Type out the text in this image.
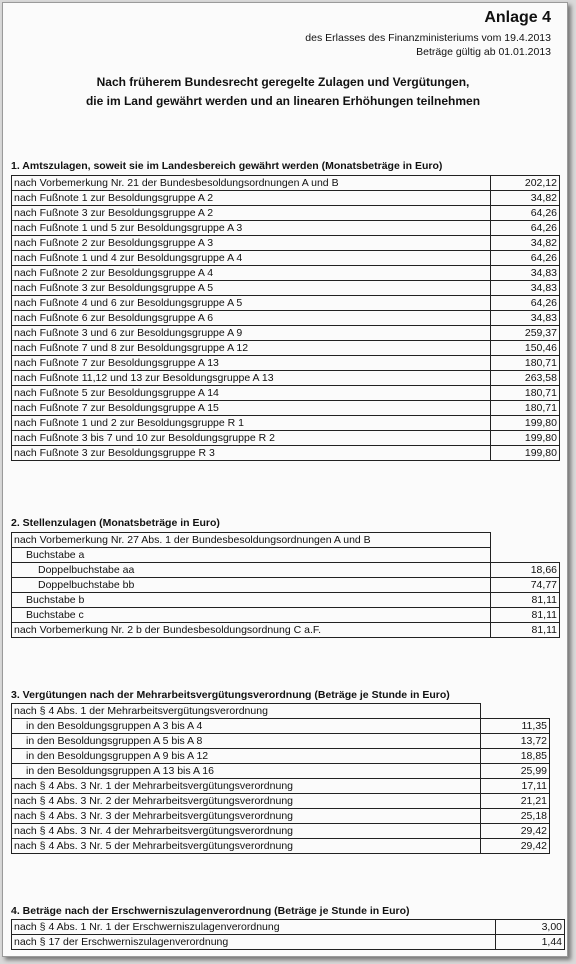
Anlage 4
des Erlasses des Finanzministeriums vom 19.4.2013
Beträge gültig ab 01.01.2013
Nach früherem Bundesrecht geregelte Zulagen und Vergütungen,
die im Land gewährt werden und an linearen Erhöhungen teilnehmen
1. Amtszulagen, soweit sie im Landesbereich gewährt werden (Monatsbeträge in Euro)
nach Vorbemerkung Nr. 21 der Bundesbesoldungsordnungen A und B	202,12
nach Fußnote 1 zur Besoldungsgruppe A 2	34,82
nach Fußnote 3 zur Besoldungsgruppe A 2	64,26
nach Fußnote 1 und 5 zur Besoldungsgruppe A 3	64,26
nach Fußnote 2 zur Besoldungsgruppe A 3	34,82
nach Fußnote 1 und 4 zur Besoldungsgruppe A 4	64,26
nach Fußnote 2 zur Besoldungsgruppe A 4	34,83
nach Fußnote 3 zur Besoldungsgruppe A 5	34,83
nach Fußnote 4 und 6 zur Besoldungsgruppe A 5	64,26
nach Fußnote 6 zur Besoldungsgruppe A 6	34,83
nach Fußnote 3 und 6 zur Besoldungsgruppe A 9	259,37
nach Fußnote 7 und 8 zur Besoldungsgruppe A 12	150,46
nach Fußnote 7 zur Besoldungsgruppe A 13	180,71
nach Fußnote 11,12 und 13 zur Besoldungsgruppe A 13	263,58
nach Fußnote 5 zur Besoldungsgruppe A 14	180,71
nach Fußnote 7 zur Besoldungsgruppe A 15	180,71
nach Fußnote 1 und 2 zur Besoldungsgruppe R 1	199,80
nach Fußnote 3 bis 7 und 10 zur Besoldungsgruppe R 2	199,80
nach Fußnote 3 zur Besoldungsgruppe R 3	199,80
2. Stellenzulagen (Monatsbeträge in Euro)
nach Vorbemerkung Nr. 27 Abs. 1 der Bundesbesoldungsordnungen A und B	
Buchstabe a	
Doppelbuchstabe aa	18,66
Doppelbuchstabe bb	74,77
Buchstabe b	81,11
Buchstabe c	81,11
nach Vorbemerkung Nr. 2 b der Bundesbesoldungsordnung C a.F.	81,11
3. Vergütungen nach der Mehrarbeitsvergütungsverordnung (Beträge je Stunde in Euro)
nach § 4 Abs. 1 der Mehrarbeitsvergütungsverordnung	
in den Besoldungsgruppen A 3 bis A 4	11,35
in den Besoldungsgruppen A 5 bis A 8	13,72
in den Besoldungsgruppen A 9 bis A 12	18,85
in den Besoldungsgruppen A 13 bis A 16	25,99
nach § 4 Abs. 3 Nr. 1 der Mehrarbeitsvergütungsverordnung	17,11
nach § 4 Abs. 3 Nr. 2 der Mehrarbeitsvergütungsverordnung	21,21
nach § 4 Abs. 3 Nr. 3 der Mehrarbeitsvergütungsverordnung	25,18
nach § 4 Abs. 3 Nr. 4 der Mehrarbeitsvergütungsverordnung	29,42
nach § 4 Abs. 3 Nr. 5 der Mehrarbeitsvergütungsverordnung	29,42
4. Beträge nach der Erschwerniszulagenverordnung (Beträge je Stunde in Euro)
nach § 4 Abs. 1 Nr. 1 der Erschwerniszulagenverordnung	3,00
nach § 17 der Erschwerniszulagenverordnung	1,44
